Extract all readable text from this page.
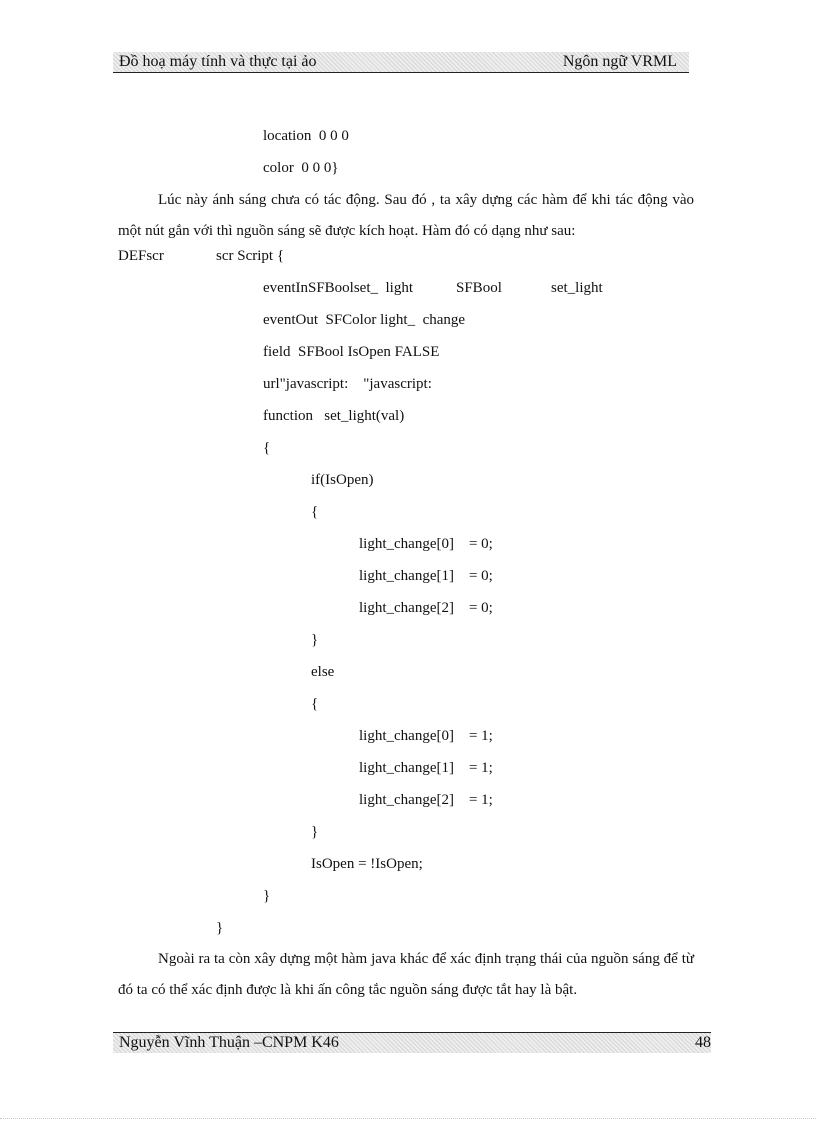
Đồ hoạ máy tính và thực tại ảo	Ngôn ngữ VRML
location  0 0 0
color  0 0 0}
Lúc này ánh sáng chưa có tác động. Sau đó , ta xây dựng các hàm để khi tác động vào một nút gắn với thì nguồn sáng sẽ được kích hoạt. Hàm đó có dạng như sau:
DEFscr	scr Script {
eventInSFBoolset_  light	SFBool	set_light
eventOut  SFColor light_  change
field  SFBool IsOpen FALSE
url"javascript:    "javascript:
function   set_light(val)
{
if(IsOpen)
{
light_change[0]    = 0;
light_change[1]    = 0;
light_change[2]    = 0;
}
else
{
light_change[0]    = 1;
light_change[1]    = 1;
light_change[2]    = 1;
}
IsOpen = !IsOpen;
}
}
Ngoài ra ta còn xây dựng một hàm java khác để xác định trạng thái của nguồn sáng để từ đó ta có thể xác định được là khi ấn công tắc nguồn sáng được tắt hay là bật.
Nguyễn Vĩnh Thuận –CNPM K46	48
